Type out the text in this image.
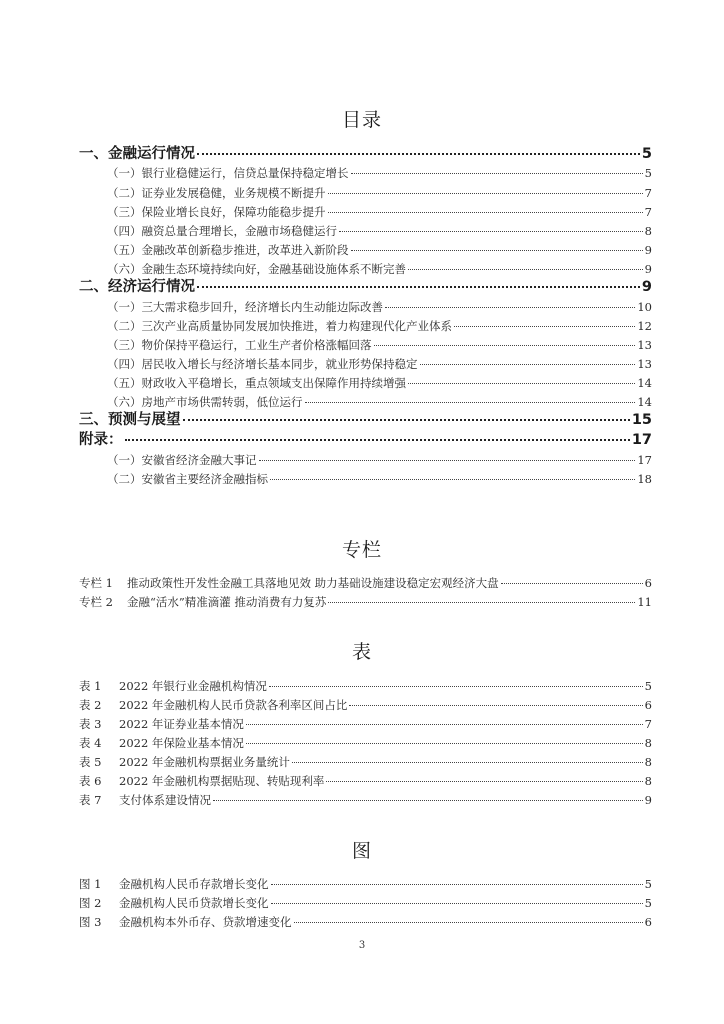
目录
一、金融运行情况	5
（一）银行业稳健运行，信贷总量保持稳定增长	5
（二）证券业发展稳健，业务规模不断提升	7
（三）保险业增长良好，保障功能稳步提升	7
（四）融资总量合理增长，金融市场稳健运行	8
（五）金融改革创新稳步推进，改革进入新阶段	9
（六）金融生态环境持续向好，金融基础设施体系不断完善	9
二、经济运行情况	9
（一）三大需求稳步回升，经济增长内生动能边际改善	10
（二）三次产业高质量协同发展加快推进，着力构建现代化产业体系	12
（三）物价保持平稳运行，工业生产者价格涨幅回落	13
（四）居民收入增长与经济增长基本同步，就业形势保持稳定	13
（五）财政收入平稳增长，重点领域支出保障作用持续增强	14
（六）房地产市场供需转弱，低位运行	14
三、预测与展望	15
附录：	17
（一）安徽省经济金融大事记	17
（二）安徽省主要经济金融指标	18
专栏
专栏 1	推动政策性开发性金融工具落地见效 助力基础设施建设稳定宏观经济大盘	6
专栏 2	金融“活水”精准滴灌 推动消费有力复苏	11
表
表 1	2022 年银行业金融机构情况	5
表 2	2022 年金融机构人民币贷款各利率区间占比	6
表 3	2022 年证券业基本情况	7
表 4	2022 年保险业基本情况	8
表 5	2022 年金融机构票据业务量统计	8
表 6	2022 年金融机构票据贴现、转贴现利率	8
表 7	支付体系建设情况	9
图
图 1	金融机构人民币存款增长变化	5
图 2	金融机构人民币贷款增长变化	5
图 3	金融机构本外币存、贷款增速变化	6
3
